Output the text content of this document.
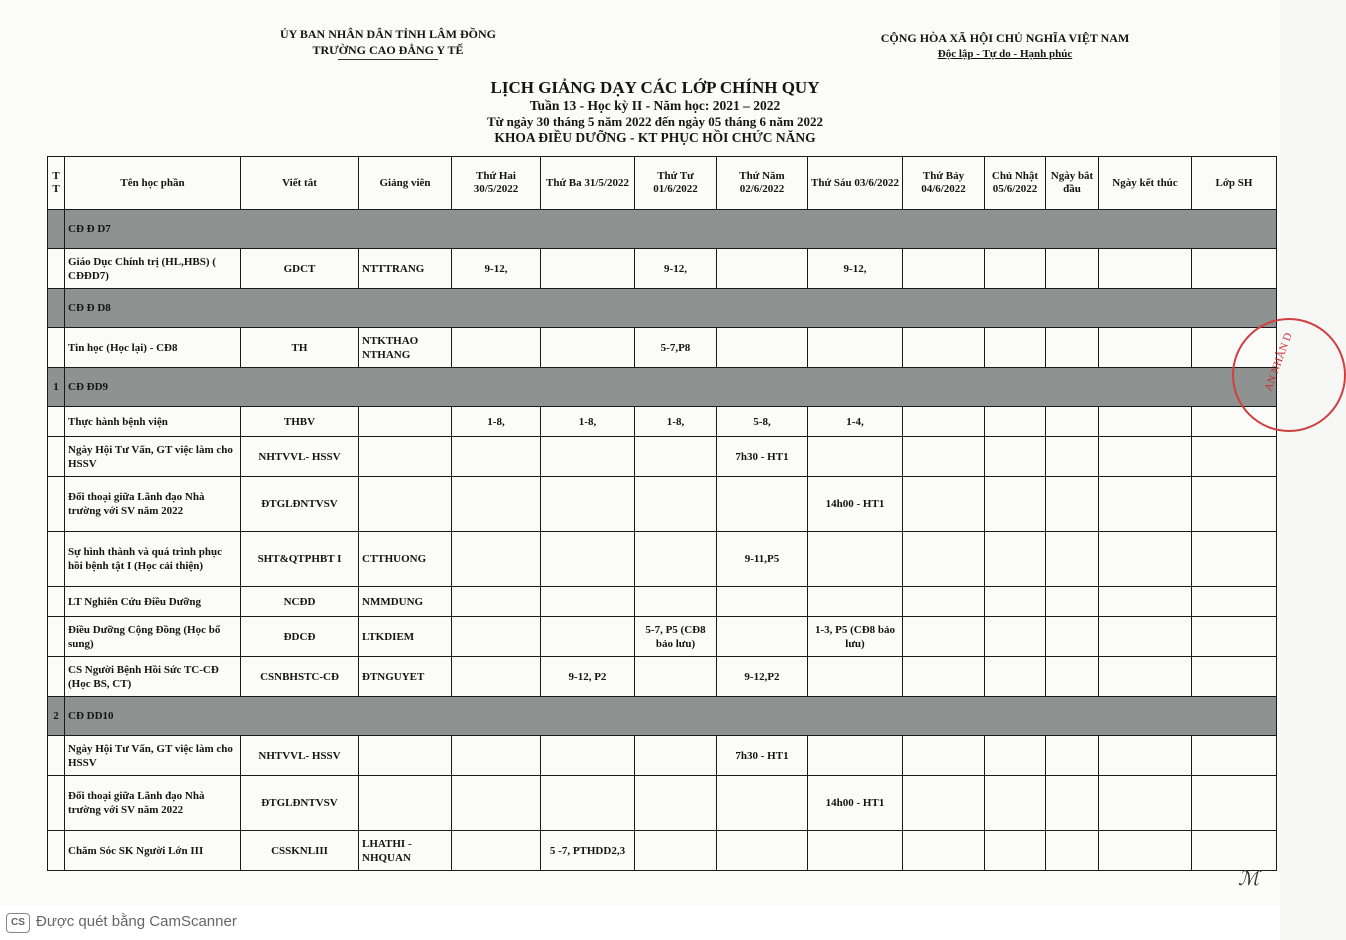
ỦY BAN NHÂN DÂN TỈNH LÂM ĐỒNG
TRƯỜNG CAO ĐẲNG Y TẾ
CỘNG HÒA XÃ HỘI CHỦ NGHĨA VIỆT NAM
Độc lập - Tự do - Hạnh phúc
LỊCH GIẢNG DẠY CÁC LỚP CHÍNH QUY
Tuần 13 - Học kỳ II - Năm học: 2021 – 2022
Từ ngày 30 tháng 5 năm 2022 đến ngày 05 tháng 6 năm 2022
KHOA ĐIỀU DƯỠNG - KT PHỤC HỒI CHỨC NĂNG
T T	Tên học phần	Viết tắt	Giảng viên	Thứ Hai 30/5/2022	Thứ Ba 31/5/2022	Thứ Tư 01/6/2022	Thứ Năm 02/6/2022	Thứ Sáu 03/6/2022	Thứ Bảy 04/6/2022	Chủ Nhật 05/6/2022	Ngày bắt đầu	Ngày kết thúc	Lớp SH
	CĐ Đ D7												
	Giáo Dục Chính trị (HL,HBS) ( CĐĐD7)	GDCT	NTTTRANG	9-12,		9-12,		9-12,					
	CĐ Đ D8												
	Tin học (Học lại) - CĐ8	TH	NTKTHAO NTHANG			5-7,P8							
1	CĐ ĐD9												
	Thực hành bệnh viện	THBV		1-8,	1-8,	1-8,	5-8,	1-4,					
	Ngày Hội Tư Vấn, GT việc làm cho HSSV	NHTVVL- HSSV					7h30 - HT1						
	Đối thoại giữa Lãnh đạo Nhà trường với SV năm 2022	ĐTGLĐNTVSV						14h00 - HT1					
	Sự hình thành và quá trình phục hồi bệnh tật I (Học cải thiện)	SHT&QTPHBT I	CTTHUONG				9-11,P5						
	LT Nghiên Cứu Điều Dưỡng	NCĐD	NMMDUNG										
	Điều Dưỡng Cộng Đồng (Học bổ sung)	ĐDCĐ	LTKDIEM			5-7, P5 (CĐ8 bảo lưu)		1-3, P5 (CĐ8 bảo lưu)					
	CS Người Bệnh Hồi Sức TC-CĐ (Học BS, CT)	CSNBHSTC-CĐ	ĐTNGUYET		9-12, P2		9-12,P2						
2	CĐ DD10												
	Ngày Hội Tư Vấn, GT việc làm cho HSSV	NHTVVL- HSSV					7h30 - HT1						
	Đối thoại giữa Lãnh đạo Nhà trường với SV năm 2022	ĐTGLĐNTVSV						14h00 - HT1					
	Chăm Sóc SK Người Lớn III	CSSKNLIII	LHATHI - NHQUAN		5 -7, PTHDD2,3								
AN NHÂN D
ℳ
CS Được quét bằng CamScanner
